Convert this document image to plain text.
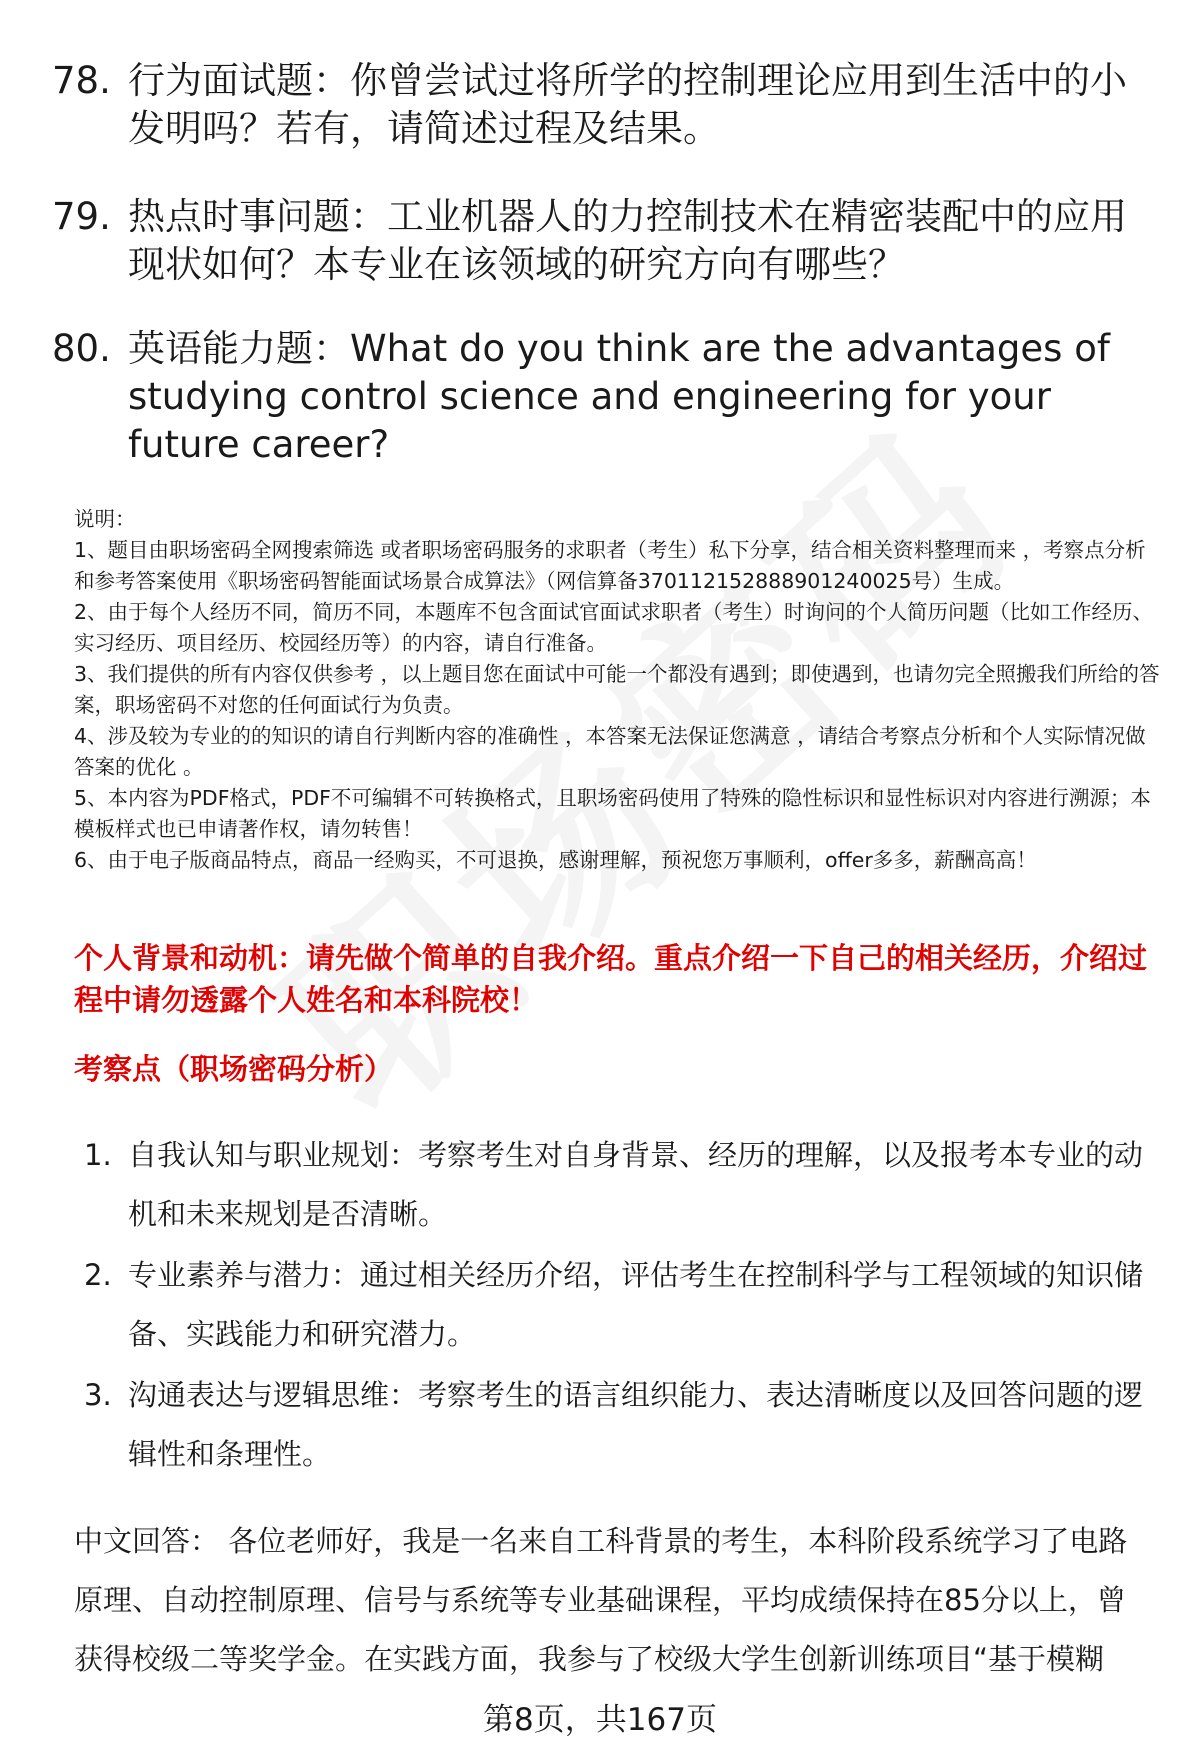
78. 行为面试题：你曾尝试过将所学的控制理论应用到生活中的小发明吗？若有，请简述过程及结果。
79. 热点时事问题：工业机器人的力控制技术在精密装配中的应用现状如何？本专业在该领域的研究方向有哪些？
80. 英语能力题：What do you think are the advantages of studying control science and engineering for your future career?

说明：

1、题目由职场密码全网搜索筛选 或者职场密码服务的求职者（考生）私下分享，结合相关资料整理而来 ，考察点分析和参考答案使用《职场密码智能面试场景合成算法》（网信算备370112152888901240025号）生成。

2、由于每个人经历不同，简历不同，本题库不包含面试官面试求职者（考生）时询问的个人简历问题（比如工作经历、实习经历、项目经历、校园经历等）的内容，请自行准备。

3、我们提供的所有内容仅供参考 ，以上题目您在面试中可能一个都没有遇到；即使遇到，也请勿完全照搬我们所给的答案，职场密码不对您的任何面试行为负责。

4、涉及较为专业的的知识的请自行判断内容的准确性 ，本答案无法保证您满意 ，请结合考察点分析和个人实际情况做答案的优化 。

5、本内容为PDF格式，PDF不可编辑不可转换格式，且职场密码使用了特殊的隐性标识和显性标识对内容进行溯源；本模板样式也已申请著作权，请勿转售！

6、由于电子版商品特点，商品一经购买，不可退换，感谢理解，预祝您万事顺利，offer多多，薪酬高高！

个人背景和动机：请先做个简单的自我介绍。重点介绍一下自己的相关经历，介绍过程中请勿透露个人姓名和本科院校！
考察点（职场密码分析）
1. 自我认知与职业规划：考察考生对自身背景、经历的理解，以及报考本专业的动机和未来规划是否清晰。
2. 专业素养与潜力：通过相关经历介绍，评估考生在控制科学与工程领域的知识储备、实践能力和研究潜力。
3. 沟通表达与逻辑思维：考察考生的语言组织能力、表达清晰度以及回答问题的逻辑性和条理性。
中文回答： 各位老师好，我是一名来自工科背景的考生，本科阶段系统学习了电路原理、自动控制原理、信号与系统等专业基础课程，平均成绩保持在85分以上，曾获得校级二等奖学金。在实践方面，我参与了校级大学生创新训练项目“基于模糊
第8页，共167页
